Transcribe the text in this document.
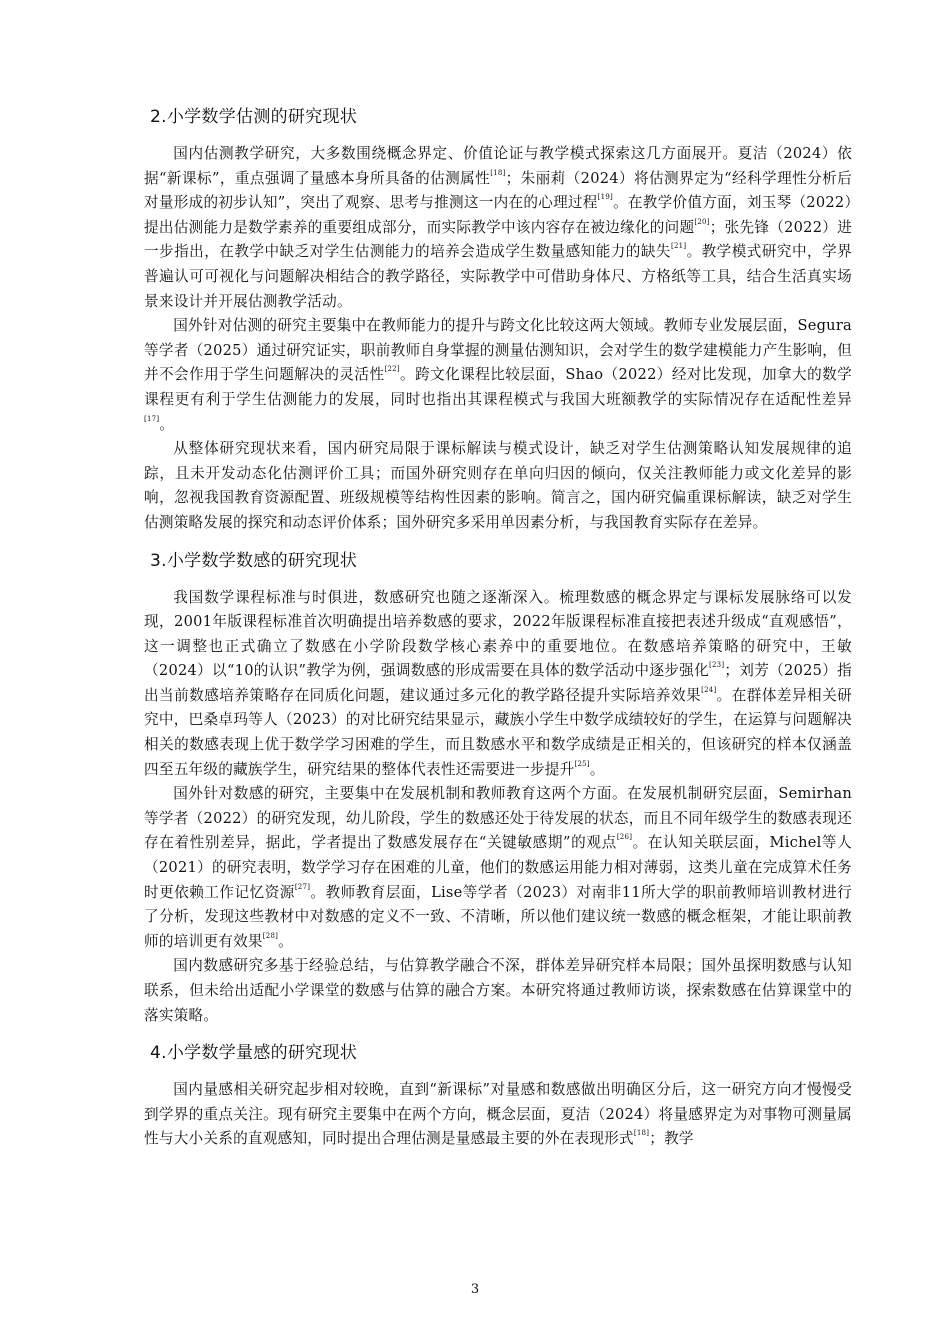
2.小学数学估测的研究现状

国内估测教学研究，大多数围绕概念界定、价值论证与教学模式探索这几方面展开。夏洁（2024）依据“新课标”，重点强调了量感本身所具备的估测属性[18]；朱丽莉（2024）将估测界定为“经科学理性分析后对量形成的初步认知”，突出了观察、思考与推测这一内在的心理过程[19]。在教学价值方面，刘玉琴（2022）提出估测能力是数学素养的重要组成部分，而实际教学中该内容存在被边缘化的问题[20]；张先锋（2022）进一步指出，在教学中缺乏对学生估测能力的培养会造成学生数量感知能力的缺失[21]。教学模式研究中，学界普遍认可可视化与问题解决相结合的教学路径，实际教学中可借助身体尺、方格纸等工具，结合生活真实场景来设计并开展估测教学活动。

国外针对估测的研究主要集中在教师能力的提升与跨文化比较这两大领域。教师专业发展层面，Segura等学者（2025）通过研究证实，职前教师自身掌握的测量估测知识，会对学生的数学建模能力产生影响，但并不会作用于学生问题解决的灵活性[22]。跨文化课程比较层面，Shao（2022）经对比发现，加拿大的数学课程更有利于学生估测能力的发展，同时也指出其课程模式与我国大班额教学的实际情况存在适配性差异[17]。

从整体研究现状来看，国内研究局限于课标解读与模式设计，缺乏对学生估测策略认知发展规律的追踪，且未开发动态化估测评价工具；而国外研究则存在单向归因的倾向，仅关注教师能力或文化差异的影响，忽视我国教育资源配置、班级规模等结构性因素的影响。简言之，国内研究偏重课标解读，缺乏对学生估测策略发展的探究和动态评价体系；国外研究多采用单因素分析，与我国教育实际存在差异。

3.小学数学数感的研究现状

我国数学课程标准与时俱进，数感研究也随之逐渐深入。梳理数感的概念界定与课标发展脉络可以发现，2001年版课程标准首次明确提出培养数感的要求，2022年版课程标准直接把表述升级成“直观感悟”，这一调整也正式确立了数感在小学阶段数学核心素养中的重要地位。在数感培养策略的研究中，王敏（2024）以“10的认识”教学为例，强调数感的形成需要在具体的数学活动中逐步强化[23]；刘芳（2025）指出当前数感培养策略存在同质化问题，建议通过多元化的教学路径提升实际培养效果[24]。在群体差异相关研究中，巴桑卓玛等人（2023）的对比研究结果显示，藏族小学生中数学成绩较好的学生，在运算与问题解决相关的数感表现上优于数学学习困难的学生，而且数感水平和数学成绩是正相关的，但该研究的样本仅涵盖四至五年级的藏族学生，研究结果的整体代表性还需要进一步提升[25]。

国外针对数感的研究，主要集中在发展机制和教师教育这两个方面。在发展机制研究层面，Semirhan等学者（2022）的研究发现，幼儿阶段，学生的数感还处于待发展的状态，而且不同年级学生的数感表现还存在着性别差异，据此，学者提出了数感发展存在“关键敏感期”的观点[26]。在认知关联层面，Michel等人（2021）的研究表明，数学学习存在困难的儿童，他们的数感运用能力相对薄弱，这类儿童在完成算术任务时更依赖工作记忆资源[27]。教师教育层面，Lise等学者（2023）对南非11所大学的职前教师培训教材进行了分析，发现这些教材中对数感的定义不一致、不清晰，所以他们建议统一数感的概念框架，才能让职前教师的培训更有效果[28]。

国内数感研究多基于经验总结，与估算教学融合不深，群体差异研究样本局限；国外虽探明数感与认知联系，但未给出适配小学课堂的数感与估算的融合方案。本研究将通过教师访谈，探索数感在估算课堂中的落实策略。

4.小学数学量感的研究现状

国内量感相关研究起步相对较晚，直到“新课标”对量感和数感做出明确区分后，这一研究方向才慢慢受到学界的重点关注。现有研究主要集中在两个方向，概念层面，夏洁（2024）将量感界定为对事物可测量属性与大小关系的直观感知，同时提出合理估测是量感最主要的外在表现形式[18]；教学

3
